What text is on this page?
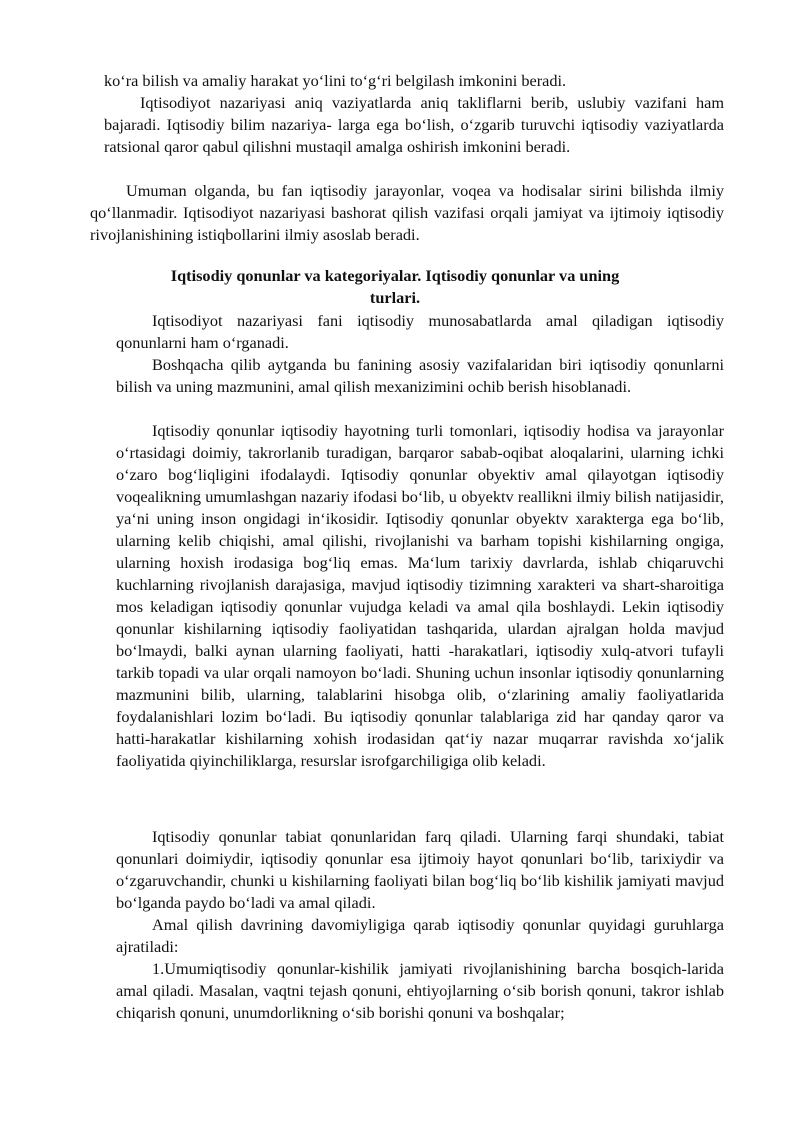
koʻra bilish va amaliy harakat yoʻlini toʻgʻri belgilash imkonini beradi.

Iqtisodiyot nazariyasi aniq vaziyatlarda aniq takliflarni berib, uslubiy vazifani ham bajaradi. Iqtisodiy bilim nazariya- larga ega boʻlish, oʻzgarib turuvchi iqtisodiy vaziyatlarda ratsional qaror qabul qilishni mustaqil amalga oshirish imkonini beradi.

Umuman olganda, bu fan iqtisodiy jarayonlar, voqea va hodisalar sirini bilishda ilmiy qoʻllanmadir. Iqtisodiyot nazariyasi bashorat qilish vazifasi orqali jamiyat va ijtimoiy iqtisodiy rivojlanishining istiqbollarini ilmiy asoslab beradi.

Iqtisodiy qonunlar va kategoriyalar. Iqtisodiy qonunlar va uning
turlari.

Iqtisodiyot nazariyasi fani iqtisodiy munosabatlarda amal qiladigan iqtisodiy qonunlarni ham oʻrganadi.

Boshqacha qilib aytganda bu fanining asosiy vazifalaridan biri iqtisodiy qonunlarni bilish va uning mazmunini, amal qilish mexanizimini ochib berish hisoblanadi.

Iqtisodiy qonunlar iqtisodiy hayotning turli tomonlari, iqtisodiy hodisa va jarayonlar oʻrtasidagi doimiy, takrorlanib turadigan, barqaror sabab-oqibat aloqalarini, ularning ichki oʻzaro bogʻliqligini ifodalaydi. Iqtisodiy qonunlar obyektiv amal qilayotgan iqtisodiy voqealikning umumlashgan nazariy ifodasi boʻlib, u obyektv reallikni ilmiy bilish natijasidir, yaʻni uning inson ongidagi inʻikosidir. Iqtisodiy qonunlar obyektv xarakterga ega boʻlib, ularning kelib chiqishi, amal qilishi, rivojlanishi va barham topishi kishilarning ongiga, ularning hoxish irodasiga bogʻliq emas. Maʻlum tarixiy davrlarda, ishlab chiqaruvchi kuchlarning rivojlanish darajasiga, mavjud iqtisodiy tizimning xarakteri va shart-sharoitiga mos keladigan iqtisodiy qonunlar vujudga keladi va amal qila boshlaydi. Lekin iqtisodiy qonunlar kishilarning iqtisodiy faoliyatidan tashqarida, ulardan ajralgan holda mavjud boʻlmaydi, balki aynan ularning faoliyati, hatti -harakatlari, iqtisodiy xulq-atvori tufayli tarkib topadi va ular orqali namoyon boʻladi. Shuning uchun insonlar iqtisodiy qonunlarning mazmunini bilib, ularning, talablarini hisobga olib, oʻzlarining amaliy faoliyatlarida foydalanishlari lozim boʻladi. Bu iqtisodiy qonunlar talablariga zid har qanday qaror va hatti-harakatlar kishilarning xohish irodasidan qatʻiy nazar muqarrar ravishda xoʻjalik faoliyatida qiyinchiliklarga, resurslar isrofgarchiligiga olib keladi.

Iqtisodiy qonunlar tabiat qonunlaridan farq qiladi. Ularning farqi shundaki, tabiat qonunlari doimiydir, iqtisodiy qonunlar esa ijtimoiy hayot qonunlari boʻlib, tarixiydir va oʻzgaruvchandir, chunki u kishilarning faoliyati bilan bogʻliq boʻlib kishilik jamiyati mavjud boʻlganda paydo boʻladi va amal qiladi.

Amal qilish davrining davomiyligiga qarab iqtisodiy qonunlar quyidagi guruhlarga ajratiladi:

1.Umumiqtisodiy qonunlar-kishilik jamiyati rivojlanishining barcha bosqich-larida amal qiladi. Masalan, vaqtni tejash qonuni, ehtiyojlarning oʻsib borish qonuni, takror ishlab chiqarish qonuni, unumdorlikning oʻsib borishi qonuni va boshqalar;
